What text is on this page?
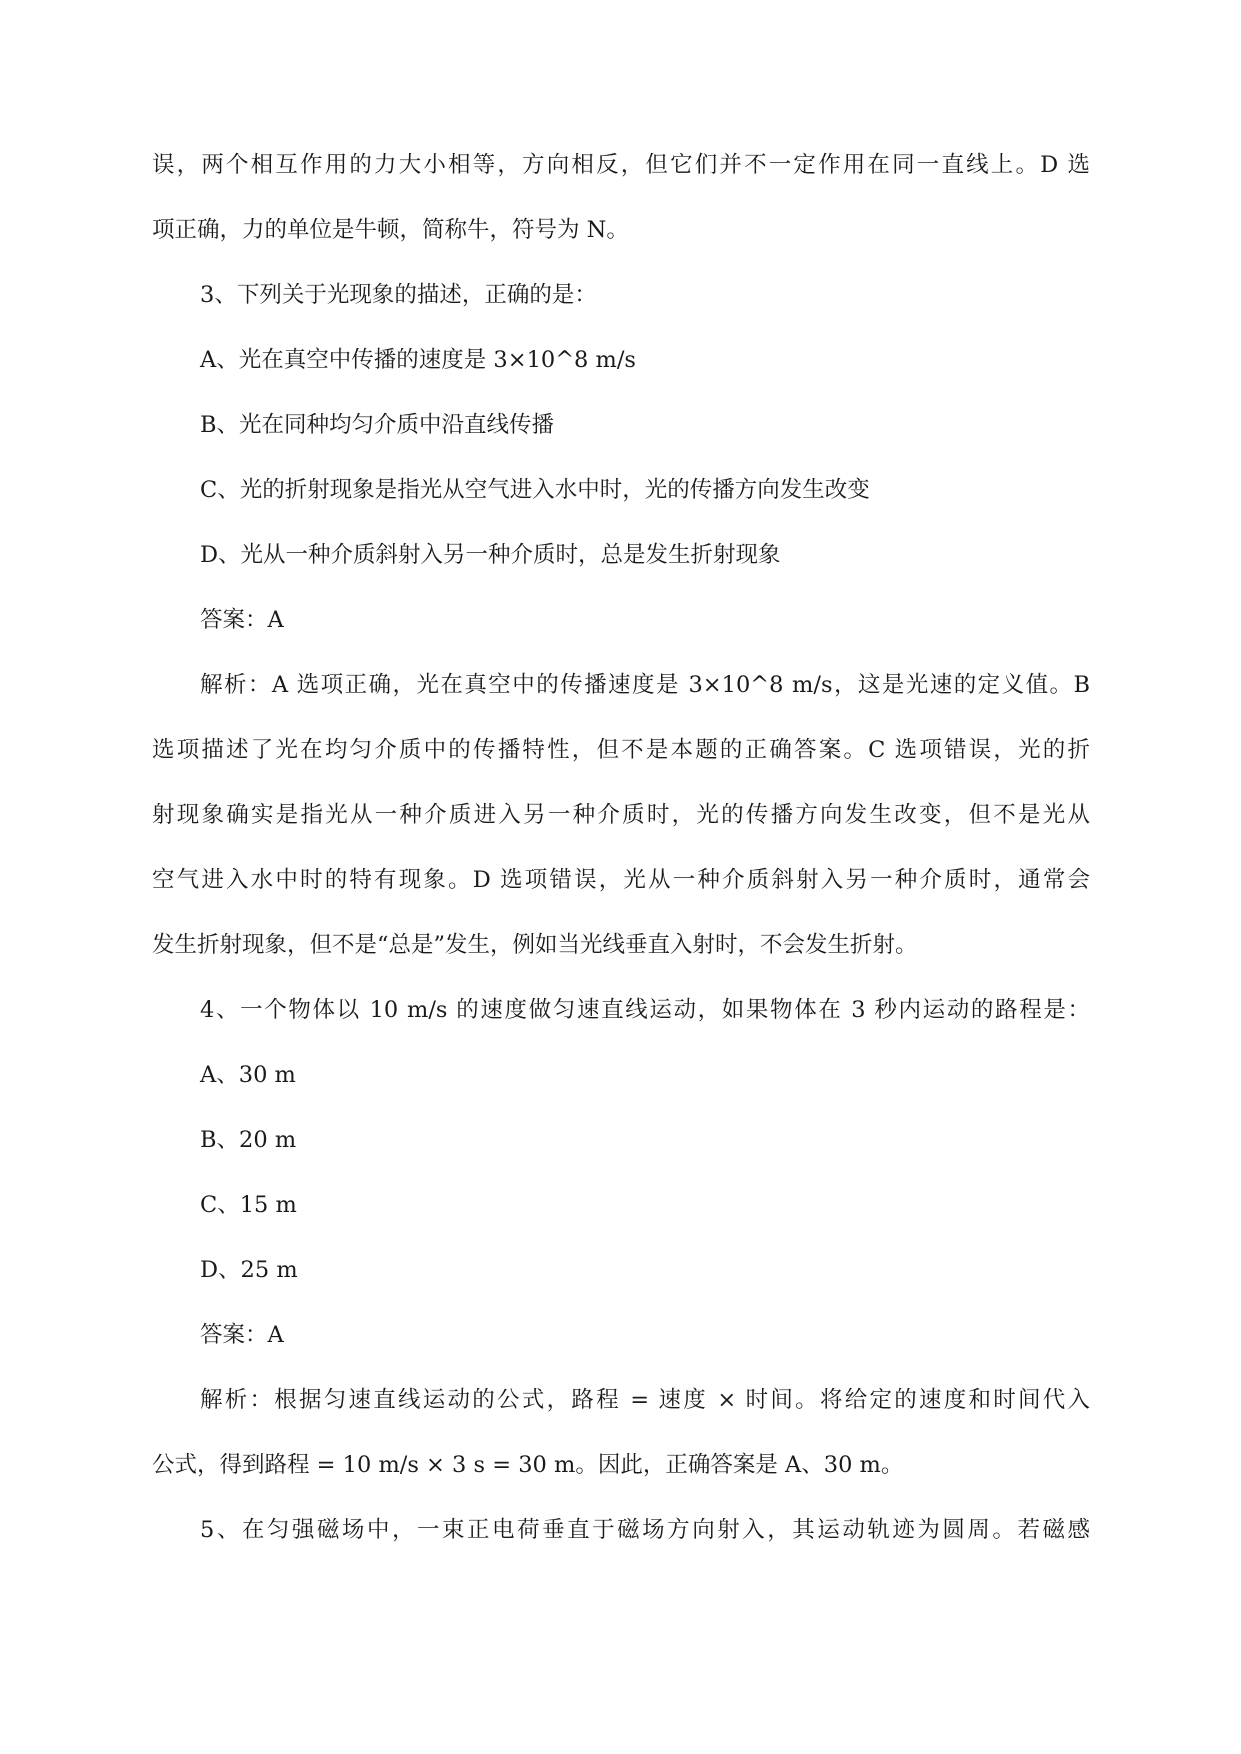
误，两个相互作用的力大小相等，方向相反，但它们并不一定作用在同一直线上。D 选
项正确，力的单位是牛顿，简称牛，符号为 N。
3、下列关于光现象的描述，正确的是：
A、光在真空中传播的速度是 3×10^8 m/s
B、光在同种均匀介质中沿直线传播
C、光的折射现象是指光从空气进入水中时，光的传播方向发生改变
D、光从一种介质斜射入另一种介质时，总是发生折射现象
答案：A
解析：A 选项正确，光在真空中的传播速度是 3×10^8 m/s，这是光速的定义值。B
选项描述了光在均匀介质中的传播特性，但不是本题的正确答案。C 选项错误，光的折
射现象确实是指光从一种介质进入另一种介质时，光的传播方向发生改变，但不是光从
空气进入水中时的特有现象。D 选项错误，光从一种介质斜射入另一种介质时，通常会
发生折射现象，但不是“总是”发生，例如当光线垂直入射时，不会发生折射。
4、一个物体以 10 m/s 的速度做匀速直线运动，如果物体在 3 秒内运动的路程是：
A、30 m
B、20 m
C、15 m
D、25 m
答案：A
解析：根据匀速直线运动的公式，路程 = 速度 × 时间。将给定的速度和时间代入
公式，得到路程 = 10 m/s × 3 s = 30 m。因此，正确答案是 A、30 m。
5、在匀强磁场中，一束正电荷垂直于磁场方向射入，其运动轨迹为圆周。若磁感
